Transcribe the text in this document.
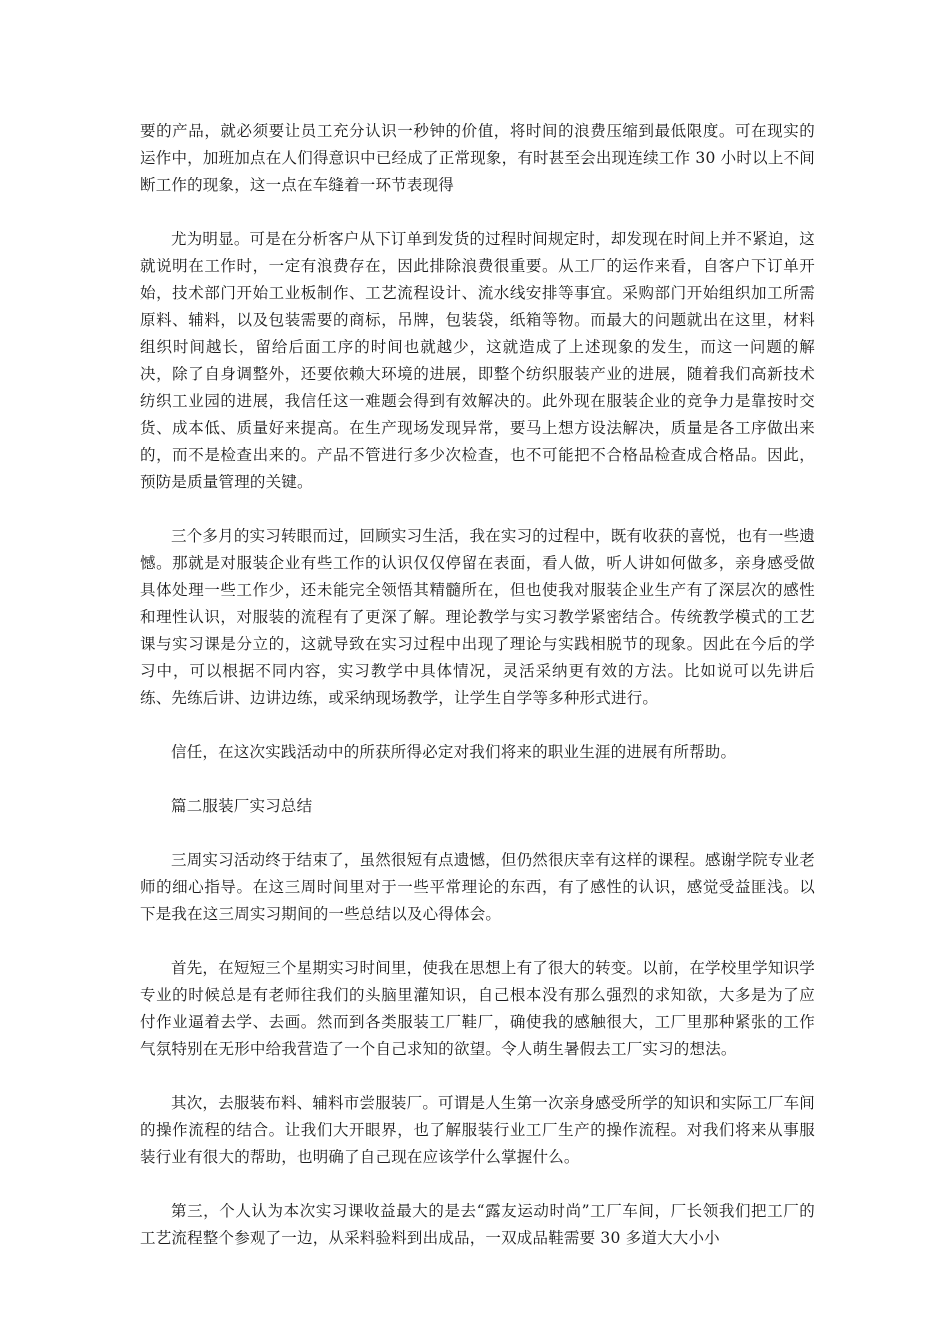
要的产品，就必须要让员工充分认识一秒钟的价值，将时间的浪费压缩到最低限度。可在现实的运作中，加班加点在人们得意识中已经成了正常现象，有时甚至会出现连续工作 30 小时以上不间断工作的现象，这一点在车缝着一环节表现得

尤为明显。可是在分析客户从下订单到发货的过程时间规定时，却发现在时间上并不紧迫，这就说明在工作时，一定有浪费存在，因此排除浪费很重要。从工厂的运作来看，自客户下订单开始，技术部门开始工业板制作、工艺流程设计、流水线安排等事宜。采购部门开始组织加工所需原料、辅料，以及包装需要的商标，吊牌，包装袋，纸箱等物。而最大的问题就出在这里，材料组织时间越长，留给后面工序的时间也就越少，这就造成了上述现象的发生，而这一问题的解决，除了自身调整外，还要依赖大环境的进展，即整个纺织服装产业的进展，随着我们高新技术纺织工业园的进展，我信任这一难题会得到有效解决的。此外现在服装企业的竞争力是靠按时交货、成本低、质量好来提高。在生产现场发现异常，要马上想方设法解决，质量是各工序做出来的，而不是检查出来的。产品不管进行多少次检查，也不可能把不合格品检查成合格品。因此，预防是质量管理的关键。

三个多月的实习转眼而过，回顾实习生活，我在实习的过程中，既有收获的喜悦，也有一些遗憾。那就是对服装企业有些工作的认识仅仅停留在表面，看人做，听人讲如何做多，亲身感受做具体处理一些工作少，还未能完全领悟其精髓所在，但也使我对服装企业生产有了深层次的感性和理性认识，对服装的流程有了更深了解。理论教学与实习教学紧密结合。传统教学模式的工艺课与实习课是分立的，这就导致在实习过程中出现了理论与实践相脱节的现象。因此在今后的学习中，可以根据不同内容，实习教学中具体情况，灵活采纳更有效的方法。比如说可以先讲后练、先练后讲、边讲边练，或采纳现场教学，让学生自学等多种形式进行。

信任，在这次实践活动中的所获所得必定对我们将来的职业生涯的进展有所帮助。

篇二服装厂实习总结

三周实习活动终于结束了，虽然很短有点遗憾，但仍然很庆幸有这样的课程。感谢学院专业老师的细心指导。在这三周时间里对于一些平常理论的东西，有了感性的认识，感觉受益匪浅。以下是我在这三周实习期间的一些总结以及心得体会。

首先，在短短三个星期实习时间里，使我在思想上有了很大的转变。以前，在学校里学知识学专业的时候总是有老师往我们的头脑里灌知识，自己根本没有那么强烈的求知欲，大多是为了应付作业逼着去学、去画。然而到各类服装工厂鞋厂，确使我的感触很大，工厂里那种紧张的工作气氛特别在无形中给我营造了一个自己求知的欲望。令人萌生暑假去工厂实习的想法。

其次，去服装布料、辅料市尝服装厂。可谓是人生第一次亲身感受所学的知识和实际工厂车间的操作流程的结合。让我们大开眼界，也了解服装行业工厂生产的操作流程。对我们将来从事服装行业有很大的帮助，也明确了自己现在应该学什么掌握什么。

第三，个人认为本次实习课收益最大的是去“露友运动时尚”工厂车间，厂长领我们把工厂的工艺流程整个参观了一边，从采料验料到出成品，一双成品鞋需要 30 多道大大小小
